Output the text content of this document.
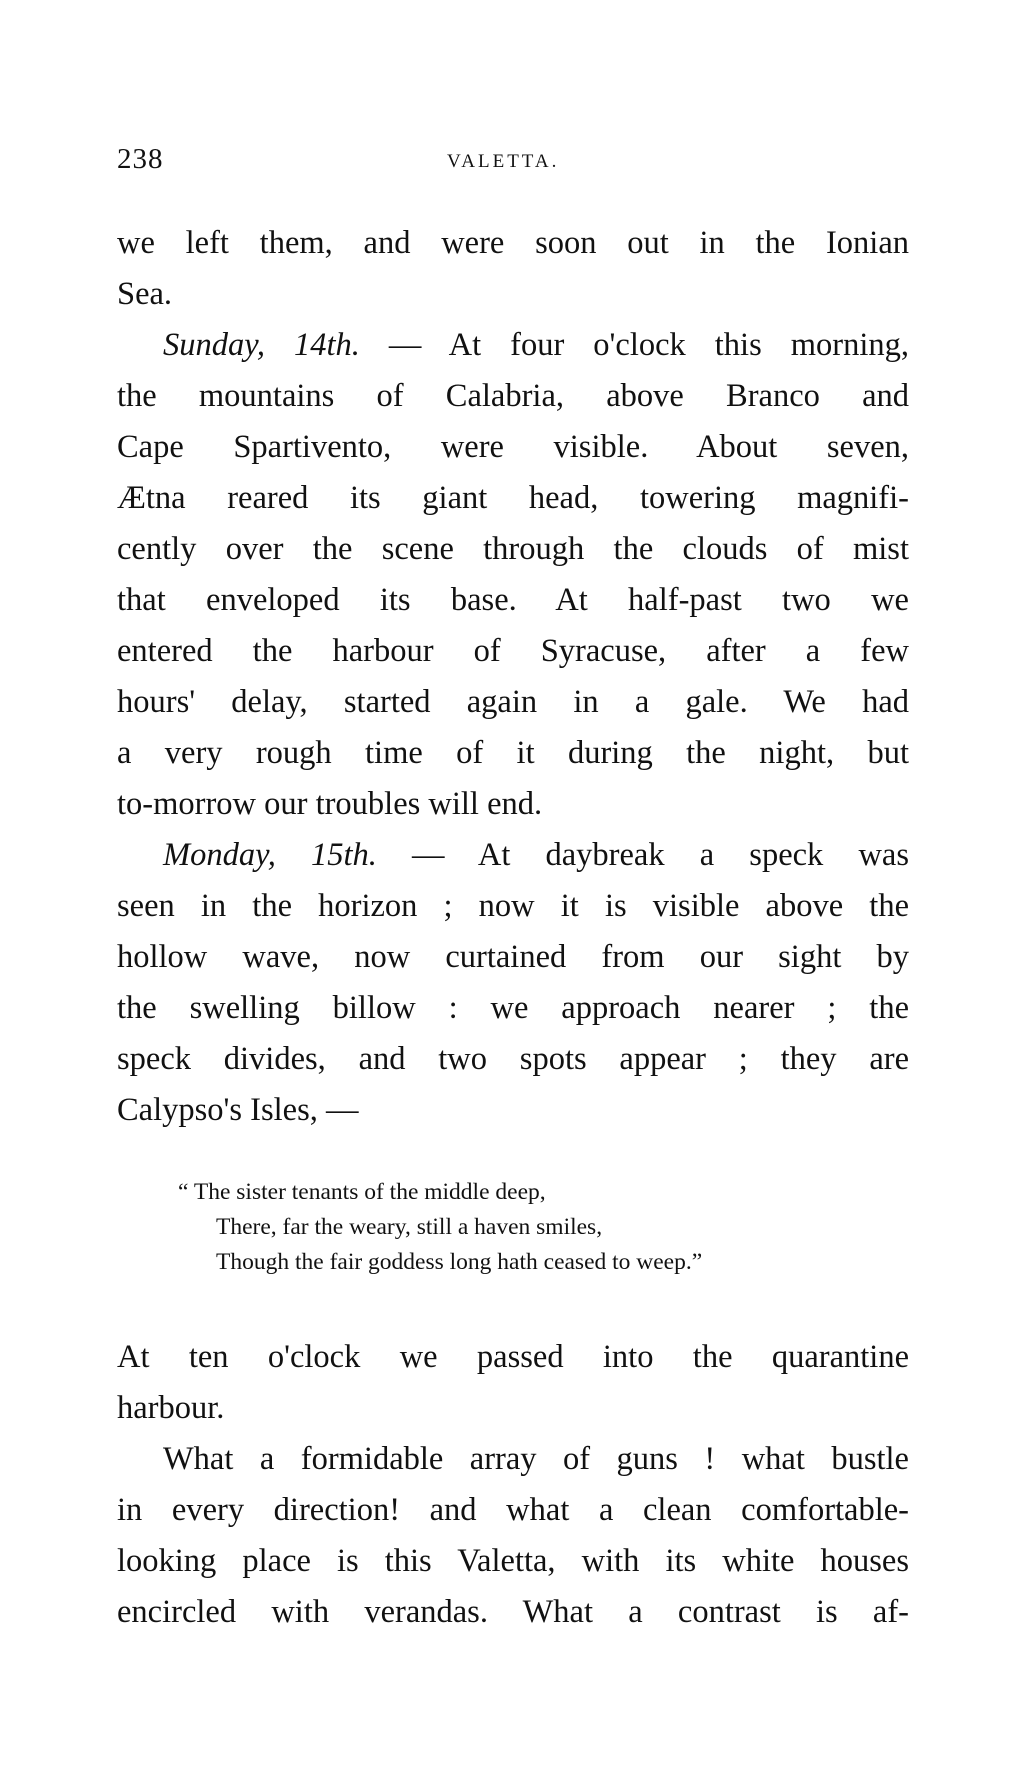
238	VALETTA.
we left them, and were soon out in the Ionian
Sea.
Sunday, 14th. — At four o'clock this morning,
the mountains of Calabria, above Branco and
Cape Spartivento, were visible. About seven,
Ætna reared its giant head, towering magnifi-
cently over the scene through the clouds of mist
that enveloped its base. At half-past two we
entered the harbour of Syracuse, after a few
hours' delay, started again in a gale. We had
a very rough time of it during the night, but
to-morrow our troubles will end.
Monday, 15th. — At daybreak a speck was
seen in the horizon ; now it is visible above the
hollow wave, now curtained from our sight by
the swelling billow : we approach nearer ; the
speck divides, and two spots appear ; they are
Calypso's Isles, —
“ The sister tenants of the middle deep,
There, far the weary, still a haven smiles,
Though the fair goddess long hath ceased to weep.”
At ten o'clock we passed into the quarantine
harbour.
What a formidable array of guns ! what bustle
in every direction! and what a clean comfortable-
looking place is this Valetta, with its white houses
encircled with verandas. What a contrast is af-
